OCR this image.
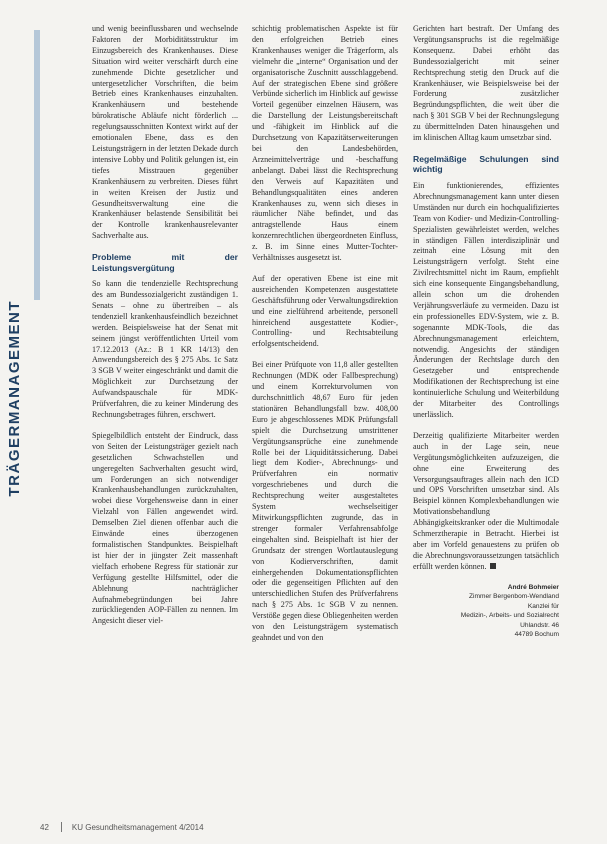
TRÄGERMANAGEMENT

und wenig beeinflussbaren und wechselnde Faktoren der Morbiditätsstruktur im Einzugsbereich des Krankenhauses. Diese Situation wird weiter verschärft durch eine zunehmende Dichte gesetzlicher und untergesetzlicher Vorschriften, die beim Betrieb eines Krankenhauses einzuhalten. Krankenhäusern und bestehende bürokratische Abläufe nicht förderlich ... regelungsausschnitten Kontext wirkt auf der emotionalen Ebene, dass es den Leistungsträgern in der letzten Dekade durch intensive Lobby und Politik gelungen ist, ein tiefes Misstrauen gegenüber Krankenhäusern zu verbreiten. Dieses führt in weiten Kreisen der Justiz und Gesundheitsverwaltung eine die Krankenhäuser belastende Sensibilität bei der Kontrolle krankenhausrelevanter Sachverhalte aus.

Probleme mit der Leistungsvergütung

So kann die tendenzielle Rechtsprechung des am Bundessozialgericht zuständigen 1. Senats – ohne zu übertreiben – als tendenziell krankenhausfeindlich bezeichnet werden. Beispielsweise hat der Senat mit seinem jüngst veröffentlichten Urteil vom 17.12.2013 (Az.: B 1 KR 14/13) den Anwendungsbereich des § 275 Abs. 1c Satz 3 SGB V weiter eingeschränkt und damit die Möglichkeit zur Durchsetzung der Aufwandspauschale für MDK-Prüfverfahren, die zu keiner Minderung des Rechnungsbetrages führen, erschwert.

Spiegelbildlich entsteht der Eindruck, dass von Seiten der Leistungsträger gezielt nach gesetzlichen Schwachstellen und ungeregelten Sachverhalten gesucht wird, um Forderungen an sich notwendiger Krankenhausbehandlungen zurückzuhalten, wobei diese Vorgehensweise dann in einer Vielzahl von Fällen angewendet wird. Demselben Ziel dienen offenbar auch die Einwände eines überzogenen formalistischen Standpunktes. Beispielhaft ist hier der in jüngster Zeit massenhaft vielfach erhobene Regress für stationär zur Verfügung gestellte Hilfsmittel, oder die Ablehnung nachträglicher Aufnahmebegründungen bei Jahre zurückliegenden AOP-Fällen zu nennen. Im Angesicht dieser viel-

schichtig problematischen Aspekte ist für den erfolgreichen Betrieb eines Krankenhauses weniger die Trägerform, als vielmehr die „interne“ Organisation und der organisatorische Zuschnitt ausschlaggebend. Auf der strategischen Ebene sind größere Verbünde sicherlich im Hinblick auf gewisse Vorteil gegenüber einzelnen Häusern, was die Darstellung der Leistungsbereitschaft und -fähigkeit im Hinblick auf die Durchsetzung von Kapazitätserweiterungen bei den Landesbehörden, Arzneimittelverträge und -beschaffung anbelangt. Dabei lässt die Rechtsprechung den Verweis auf Kapazitäten und Behandlungsqualitäten eines anderen Krankenhauses zu, wenn sich dieses in räumlicher Nähe befindet, und das antragstellende Haus einem konzernrechtlichen übergeordneten Einfluss, z. B. im Sinne eines Mutter-Tochter-Verhältnisses ausgesetzt ist.

Auf der operativen Ebene ist eine mit ausreichenden Kompetenzen ausgestattete Geschäftsführung oder Verwaltungsdirektion und eine zielführend arbeitende, personell hinreichend ausgestattete Kodier-, Controlling- und Rechtsabteilung erfolgsentscheidend.

Bei einer Prüfquote von 11,8 aller gestellten Rechnungen (MDK oder Fallbesprechung) und einem Korrekturvolumen von durchschnittlich 48,67 Euro für jeden stationären Behandlungsfall bzw. 408,00 Euro je abgeschlossenes MDK Prüfungsfall spielt die Durchsetzung umstrittener Vergütungsansprüche eine zunehmende Rolle bei der Liquiditätssicherung. Dabei liegt dem Kodier-, Abrechnungs- und Prüfverfahren ein normativ vorgeschriebenes und durch die Rechtsprechung weiter ausgestaltetes System wechselseitiger Mitwirkungspflichten zugrunde, das in strenger formaler Verfahrensabfolge eingehalten sind. Beispielhaft ist hier der Grundsatz der strengen Wortlautauslegung von Kodierverschriften, damit einhergehenden Dokumentationspflichten oder die gegenseitigen Pflichten auf den unterschiedlichen Stufen des Prüfverfahrens nach § 275 Abs. 1c SGB V zu nennen. Verstöße gegen diese Obliegenheiten werden von den Leistungsträgern systematisch geahndet und von den

Gerichten hart bestraft. Der Umfang des Vergütungsanspruchs ist die regelmäßige Konsequenz. Dabei erhöht das Bundessozialgericht mit seiner Rechtsprechung stetig den Druck auf die Krankenhäuser, wie Beispielsweise bei der Forderung zusätzlicher Begründungspflichten, die weit über die nach § 301 SGB V bei der Rechnungslegung zu übermittelnden Daten hinausgehen und im klinischen Alltag kaum umsetzbar sind.

Regelmäßige Schulungen sind wichtig

Ein funktionierendes, effizientes Abrechnungsmanagement kann unter diesen Umständen nur durch ein hochqualifiziertes Team von Kodier- und Medizin-Controlling-Spezialisten gewährleistet werden, welches in ständigen Fällen interdisziplinär und zeitnah eine Lösung mit den Leistungsträgern verfolgt. Steht eine Zivilrechtsmittel nicht im Raum, empfiehlt sich eine konsequente Eingangsbehandlung, allein schon um die drohenden Verjährungsverläufe zu vermeiden. Dazu ist ein professionelles EDV-System, wie z. B. sogenannte MDK-Tools, die das Abrechnungsmanagement erleichtern, notwendig. Angesichts der ständigen Änderungen der Rechtslage durch den Gesetzgeber und entsprechende Modifikationen der Rechtsprechung ist eine kontinuierliche Schulung und Weiterbildung der Mitarbeiter des Controllings unerlässlich.

Derzeitig qualifizierte Mitarbeiter werden auch in der Lage sein, neue Vergütungsmöglichkeiten aufzuzeigen, die ohne eine Erweiterung des Versorgungsauftrages allein nach den ICD und OPS Vorschriften umsetzbar sind. Als Beispiel können Komplexbehandlungen wie Motivationsbehandlung Abhängigkeitskranker oder die Multimodale Schmerztherapie in Betracht. Hierbei ist aber im Vorfeld genauestens zu prüfen ob die Abrechnungsvoraussetzungen tatsächlich erfüllt werden können.

André Bohmeier
Zimmer Bergenbom-Wendland
Kanzlei für
Medizin-, Arbeits- und Sozialrecht
Uhlandstr. 46
44789 Bochum
42	KU Gesundheitsmanagement 4/2014
